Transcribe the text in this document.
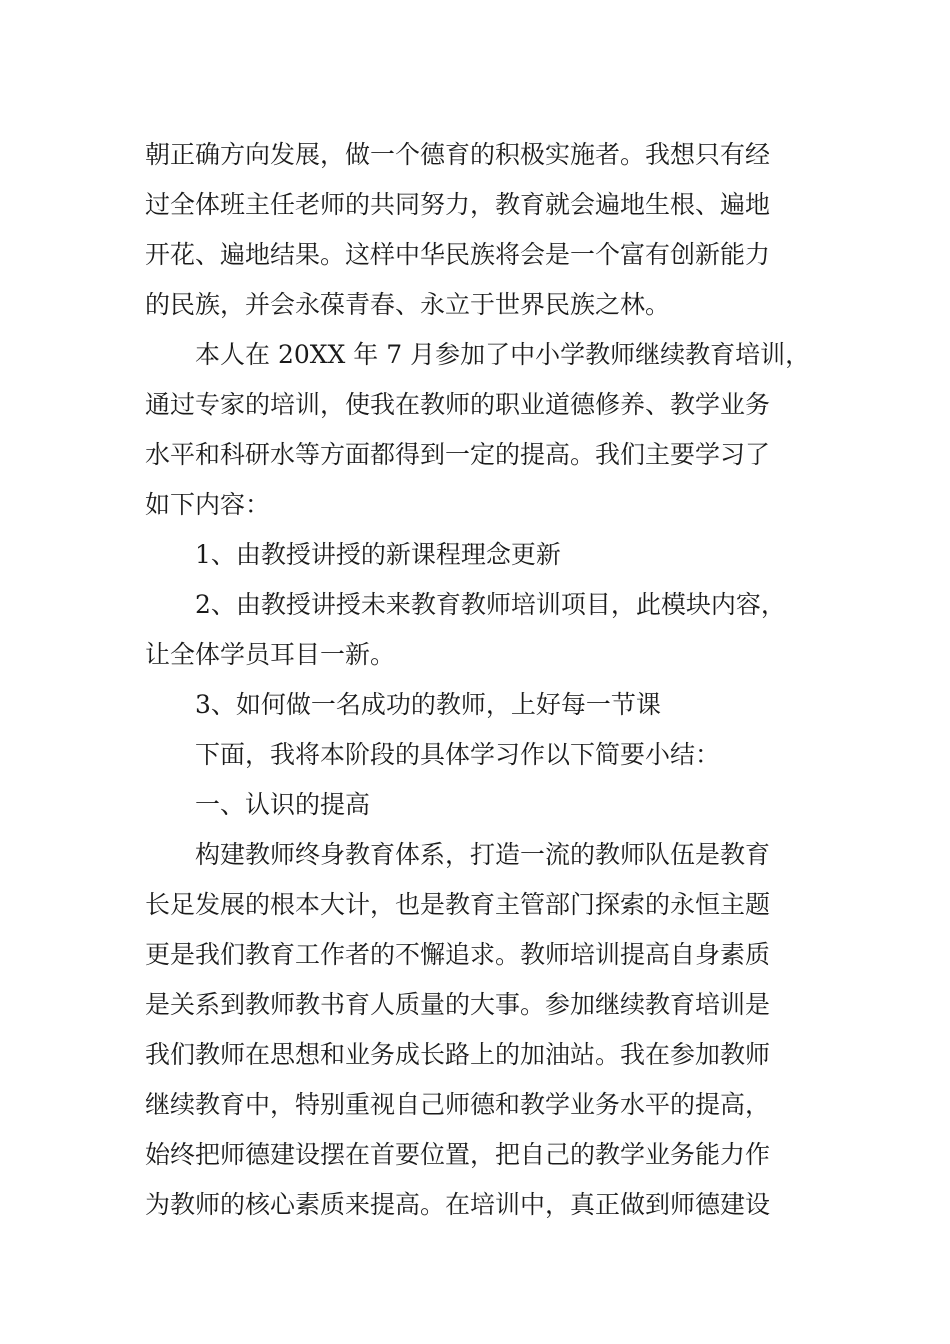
朝正确方向发展，做一个德育的积极实施者。我想只有经
过全体班主任老师的共同努力，教育就会遍地生根、遍地
开花、遍地结果。这样中华民族将会是一个富有创新能力
的民族，并会永葆青春、永立于世界民族之林。
本人在 20XX 年 7 月参加了中小学教师继续教育培训，
通过专家的培训，使我在教师的职业道德修养、教学业务
水平和科研水等方面都得到一定的提高。我们主要学习了
如下内容：
1、由教授讲授的新课程理念更新
2、由教授讲授未来教育教师培训项目，此模块内容，
让全体学员耳目一新。
3、如何做一名成功的教师，上好每一节课
下面，我将本阶段的具体学习作以下简要小结：
一、认识的提高
构建教师终身教育体系，打造一流的教师队伍是教育
长足发展的根本大计，也是教育主管部门探索的永恒主题
更是我们教育工作者的不懈追求。教师培训提高自身素质
是关系到教师教书育人质量的大事。参加继续教育培训是
我们教师在思想和业务成长路上的加油站。我在参加教师
继续教育中，特别重视自己师德和教学业务水平的提高，
始终把师德建设摆在首要位置，把自己的教学业务能力作
为教师的核心素质来提高。在培训中，真正做到师德建设
